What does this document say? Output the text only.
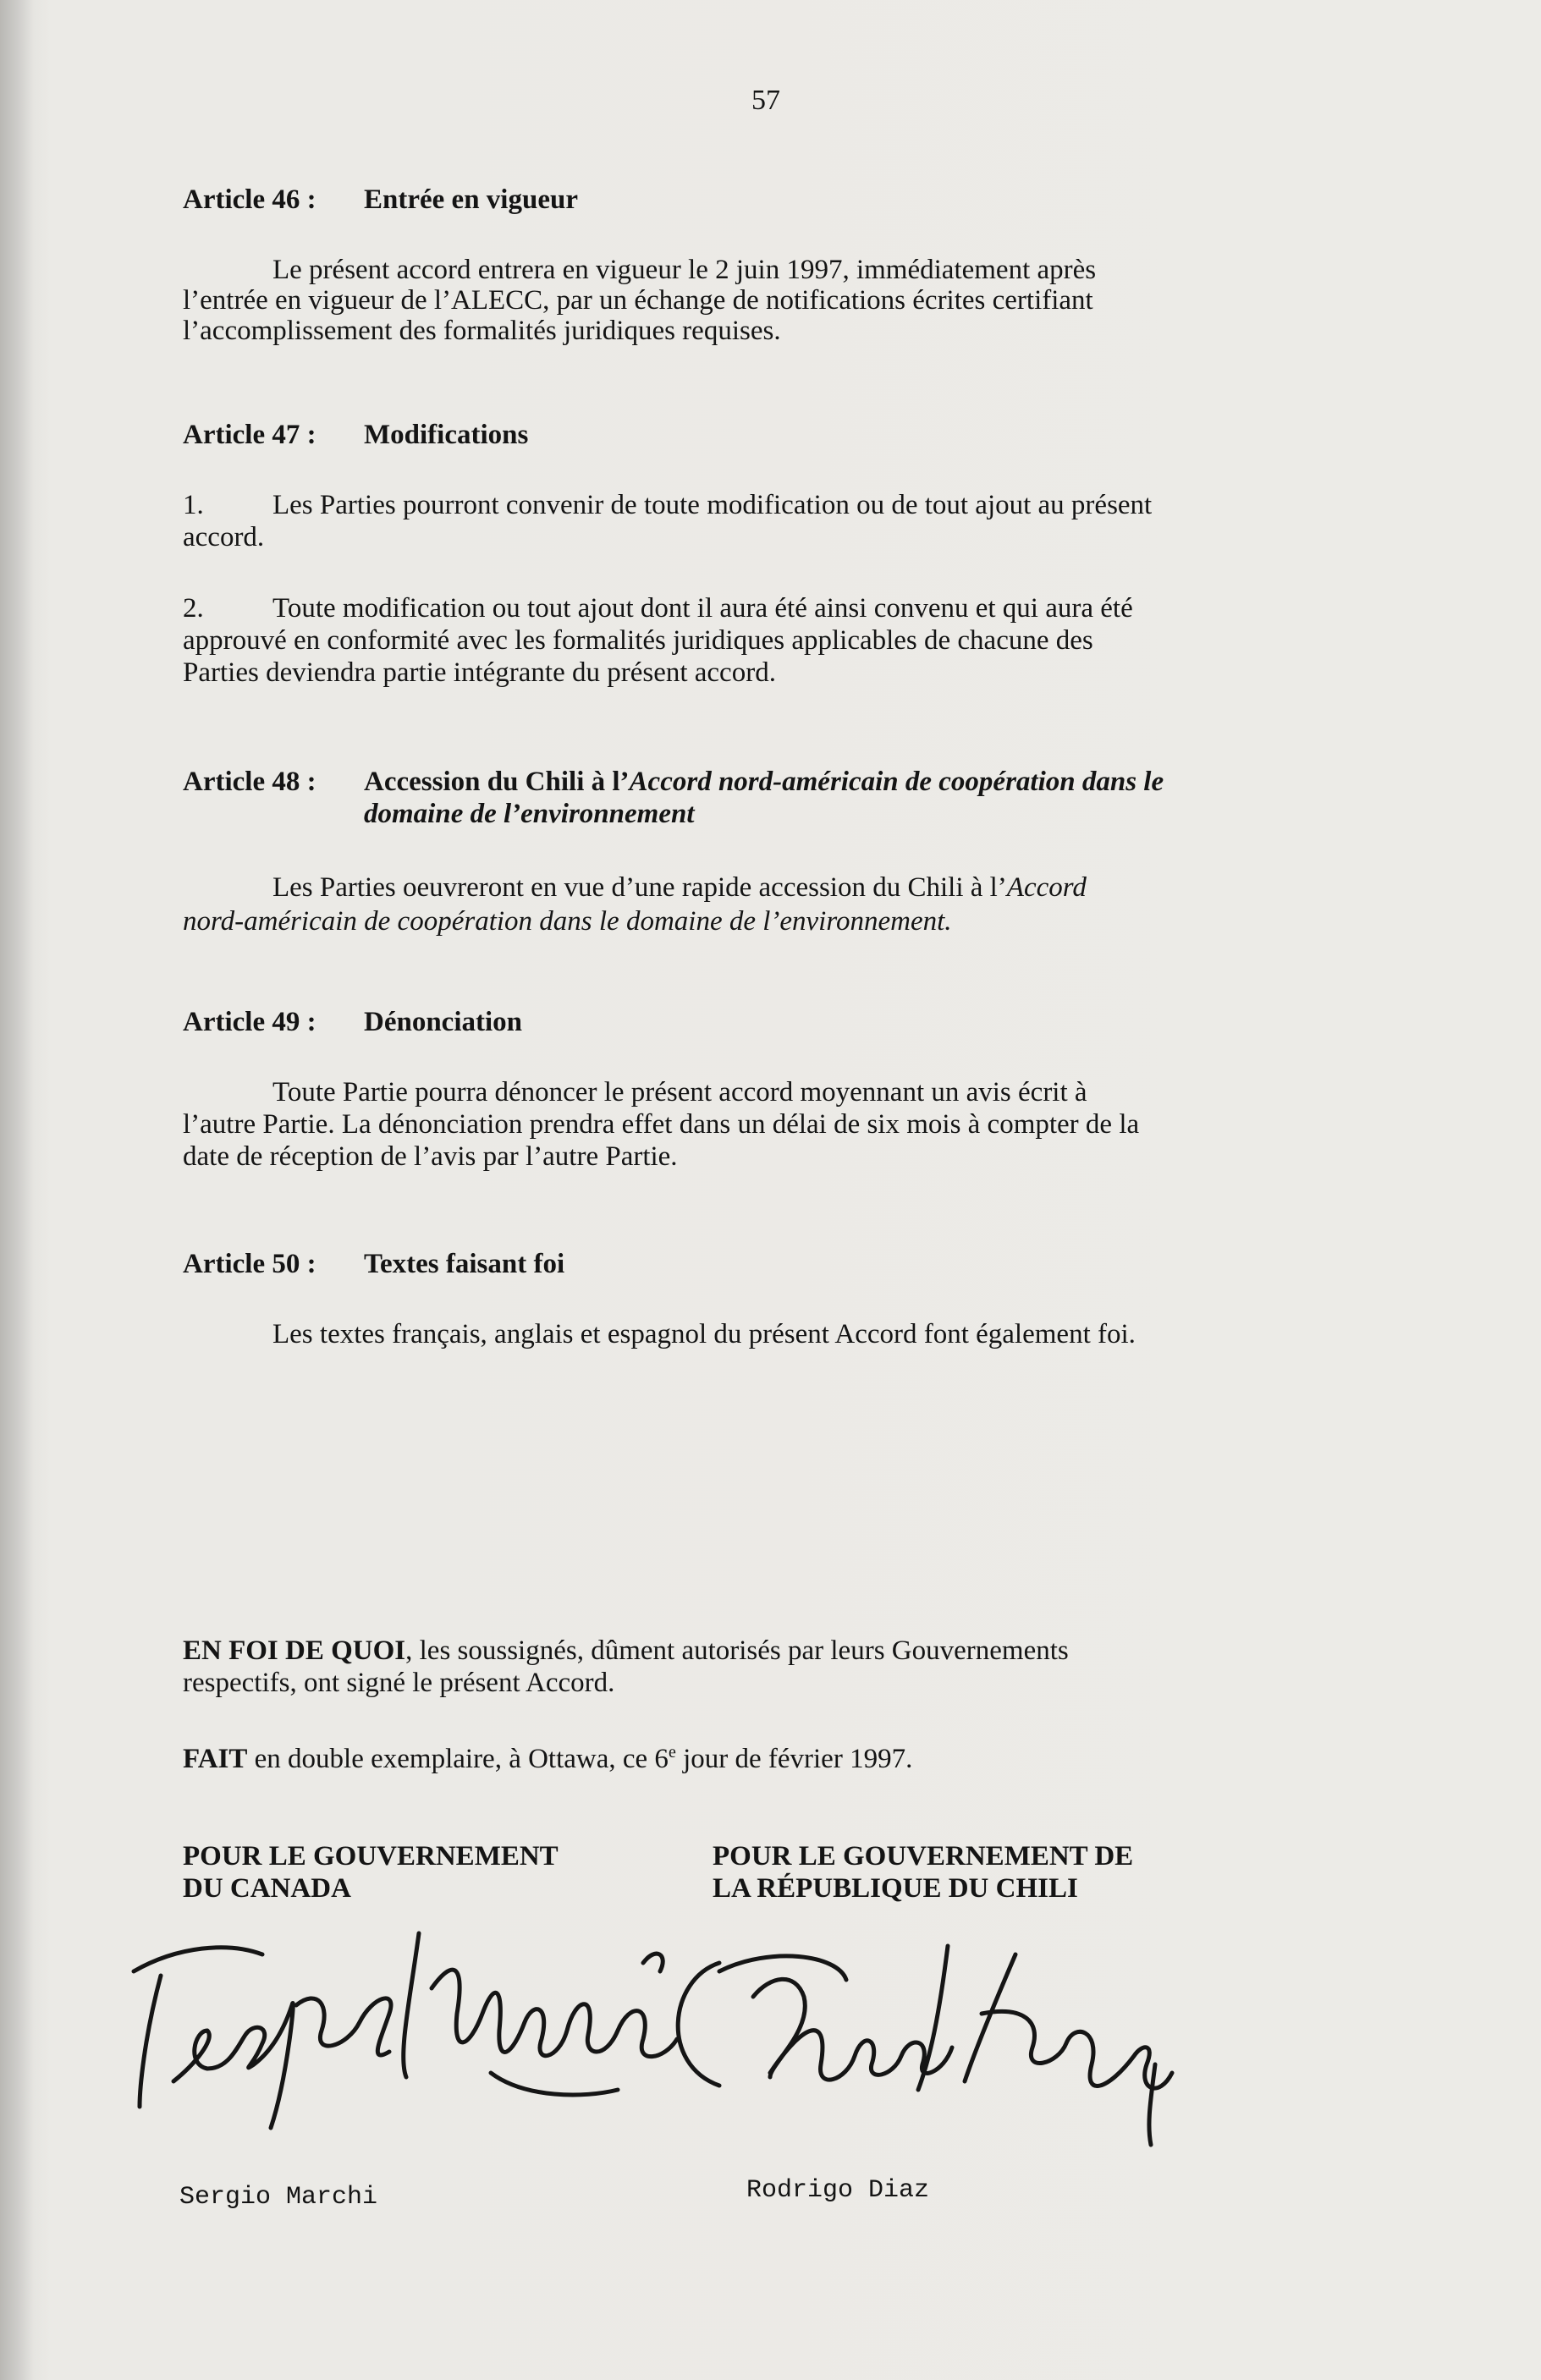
57
Article 46 : Entrée en vigueur
Le présent accord entrera en vigueur le 2 juin 1997, immédiatement après
l’entrée en vigueur de l’ALECC, par un échange de notifications écrites certifiant
l’accomplissement des formalités juridiques requises.
Article 47 : Modifications
1. Les Parties pourront convenir de toute modification ou de tout ajout au présent
accord.
2. Toute modification ou tout ajout dont il aura été ainsi convenu et qui aura été
approuvé en conformité avec les formalités juridiques applicables de chacune des
Parties deviendra partie intégrante du présent accord.
Article 48 : Accession du Chili à l’Accord nord-américain de coopération dans le
domaine de l’environnement
Les Parties oeuvreront en vue d’une rapide accession du Chili à l’Accord
nord-américain de coopération dans le domaine de l’environnement.
Article 49 : Dénonciation
Toute Partie pourra dénoncer le présent accord moyennant un avis écrit à
l’autre Partie. La dénonciation prendra effet dans un délai de six mois à compter de la
date de réception de l’avis par l’autre Partie.
Article 50 : Textes faisant foi
Les textes français, anglais et espagnol du présent Accord font également foi.
EN FOI DE QUOI, les soussignés, dûment autorisés par leurs Gouvernements
respectifs, ont signé le présent Accord.
FAIT en double exemplaire, à Ottawa, ce 6e jour de février 1997.
POUR LE GOUVERNEMENT
DU CANADA
POUR LE GOUVERNEMENT DE
LA RÉPUBLIQUE DU CHILI
Sergio Marchi	Rodrigo Diaz
